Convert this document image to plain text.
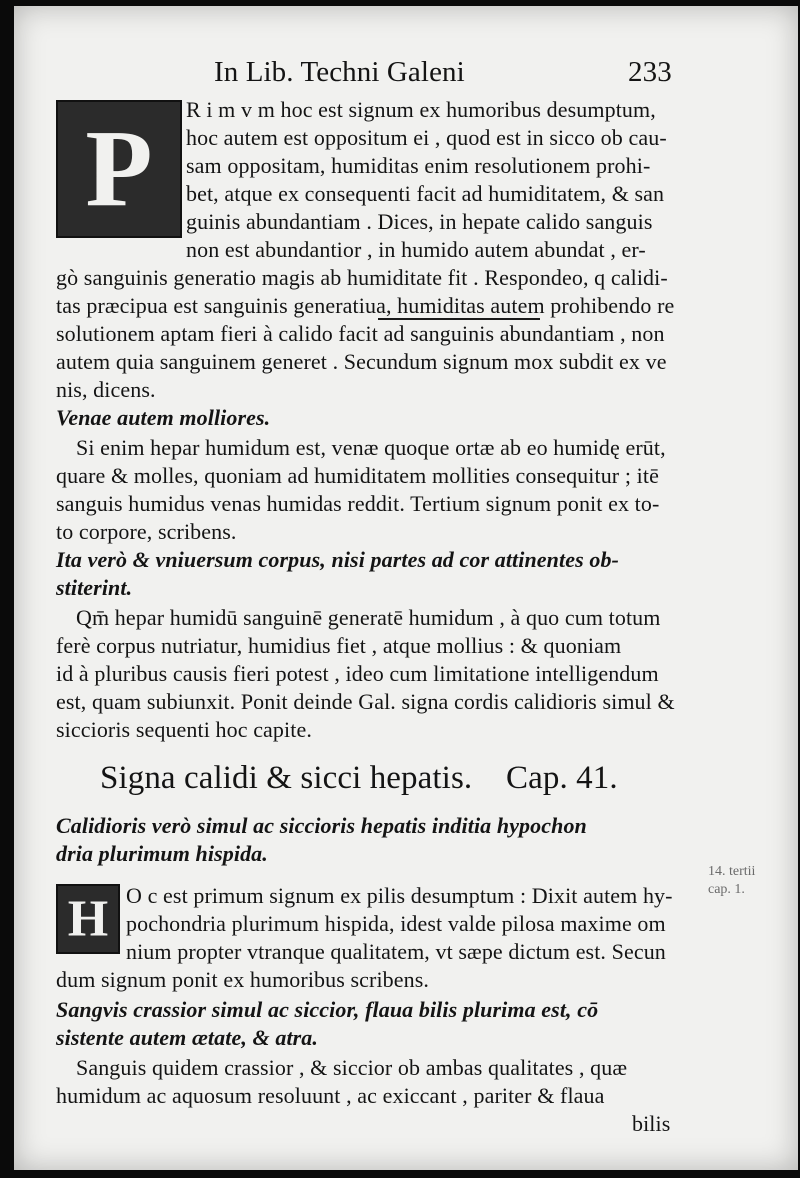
In Lib. Techni Galeni	233
P	R i m v m hoc est signum ex humoribus desumptum,
hoc autem est oppositum ei , quod est in sicco ob cau-
sam oppositam, humiditas enim resolutionem prohi-
bet, atque ex consequenti facit ad humiditatem, & san
guinis abundantiam . Dices, in hepate calido sanguis
non est abundantior , in humido autem abundat , er-
gò sanguinis generatio magis ab humiditate fit . Respondeo, q calidi-
tas præcipua est sanguinis generatiua, humiditas autem prohibendo re
solutionem aptam fieri à calido facit ad sanguinis abundantiam , non
autem quia sanguinem generet . Secundum signum mox subdit ex ve
nis, dicens.
Venae autem molliores.
Si enim hepar humidum est, venæ quoque ortæ ab eo humidę erūt,
quare & molles, quoniam ad humiditatem mollities consequitur ; itē
sanguis humidus venas humidas reddit. Tertium signum ponit ex to-
to corpore, scribens.
Ita verò & vniuersum corpus, nisi partes ad cor attinentes ob-
stiterint.
Qm̄ hepar humidū sanguinē generatē humidum , à quo cum totum
ferè corpus nutriatur, humidius fiet , atque mollius : & quoniam
id à pluribus causis fieri potest , ideo cum limitatione intelligendum
est, quam subiunxit. Ponit deinde Gal. signa cordis calidioris simul &
siccioris sequenti hoc capite.
Signa calidi & sicci hepatis. Cap. 41.
Calidioris verò simul ac siccioris hepatis inditia hypochon
dria plurimum hispida.
14. tertii
cap. 1.
H O c est primum signum ex pilis desumptum : Dixit autem hy-
pochondria plurimum hispida, idest valde pilosa maxime om
nium propter vtranque qualitatem, vt sæpe dictum est. Secun
dum signum ponit ex humoribus scribens.
Sangvis crassior simul ac siccior, flaua bilis plurima est, cō
sistente autem ætate, & atra.
Sanguis quidem crassior , & siccior ob ambas qualitates , quæ
humidum ac aquosum resoluunt , ac exiccant , pariter & flaua
bilis
